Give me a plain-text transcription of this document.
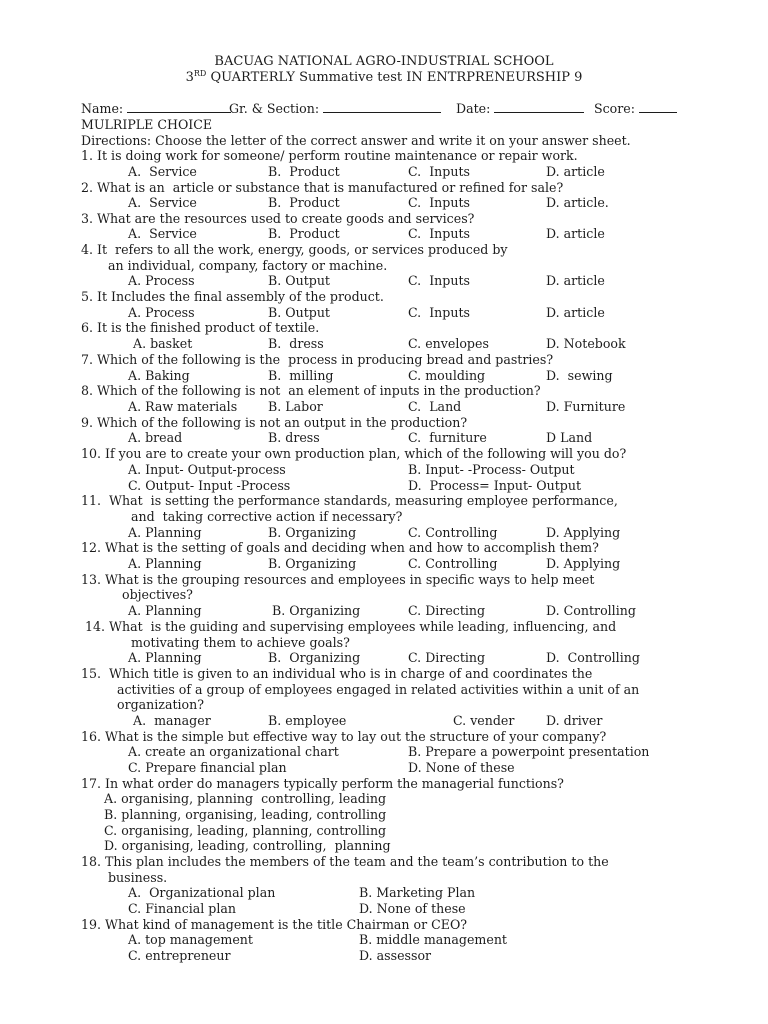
BACUAG NATIONAL AGRO-INDUSTRIAL SCHOOL
3RD QUARTERLY Summative test IN ENTRPRENEURSHIP 9
Name:	Gr. & Section:	Date:	Score:
MULRIPLE CHOICE
Directions: Choose the letter of the correct answer and write it on your answer sheet.
1. It is doing work for someone/ perform routine maintenance or repair work.
A.  Service	B.  Product	C.  Inputs	D. article
2. What is an  article or substance that is manufactured or refined for sale?
A.  Service	B.  Product	C.  Inputs	D. article.
3. What are the resources used to create goods and services?
A.  Service	B.  Product	C.  Inputs	D. article
4. It  refers to all the work, energy, goods, or services produced by
an individual, company, factory or machine.
A. Process	B. Output	C.  Inputs	D. article
5. It Includes the final assembly of the product.
A. Process	B. Output	C.  Inputs	D. article
6. It is the finished product of textile.
A. basket	B.  dress	C. envelopes	D. Notebook
7. Which of the following is the  process in producing bread and pastries?
A. Baking	B.  milling	C. moulding	D.  sewing
8. Which of the following is not  an element of inputs in the production?
A. Raw materials B. Labor	C.  Land	D. Furniture
9. Which of the following is not an output in the production?
A. bread	B. dress	C.  furniture	D Land
10. If you are to create your own production plan, which of the following will you do?
A. Input- Output-process	B. Input- -Process- Output
C. Output- Input -Process	D.  Process= Input- Output
11.  What  is setting the performance standards, measuring employee performance,
and  taking corrective action if necessary?
A. Planning	B. Organizing	C. Controlling	D. Applying
12. What is the setting of goals and deciding when and how to accomplish them?
A. Planning	B. Organizing	C. Controlling	D. Applying
13. What is the grouping resources and employees in specific ways to help meet
objectives?
A. Planning	B. Organizing	C. Directing	D. Controlling
14. What  is the guiding and supervising employees while leading, influencing, and
motivating them to achieve goals?
A. Planning	B.  Organizing	C. Directing	D.  Controlling
15.  Which title is given to an individual who is in charge of and coordinates the
activities of a group of employees engaged in related activities within a unit of an
organization?
A.  manager	B. employee	C. vender	D. driver
16. What is the simple but effective way to lay out the structure of your company?
A. create an organizational chart	B. Prepare a powerpoint presentation
C. Prepare financial plan	D. None of these
17. In what order do managers typically perform the managerial functions?
A. organising, planning  controlling, leading
B. planning, organising, leading, controlling
C. organising, leading, planning, controlling
D. organising, leading, controlling,  planning
18. This plan includes the members of the team and the team’s contribution to the
business.
A.  Organizational plan	B. Marketing Plan
C. Financial plan	D. None of these
19. What kind of management is the title Chairman or CEO?
A. top management	B. middle management
C. entrepreneur	D. assessor
